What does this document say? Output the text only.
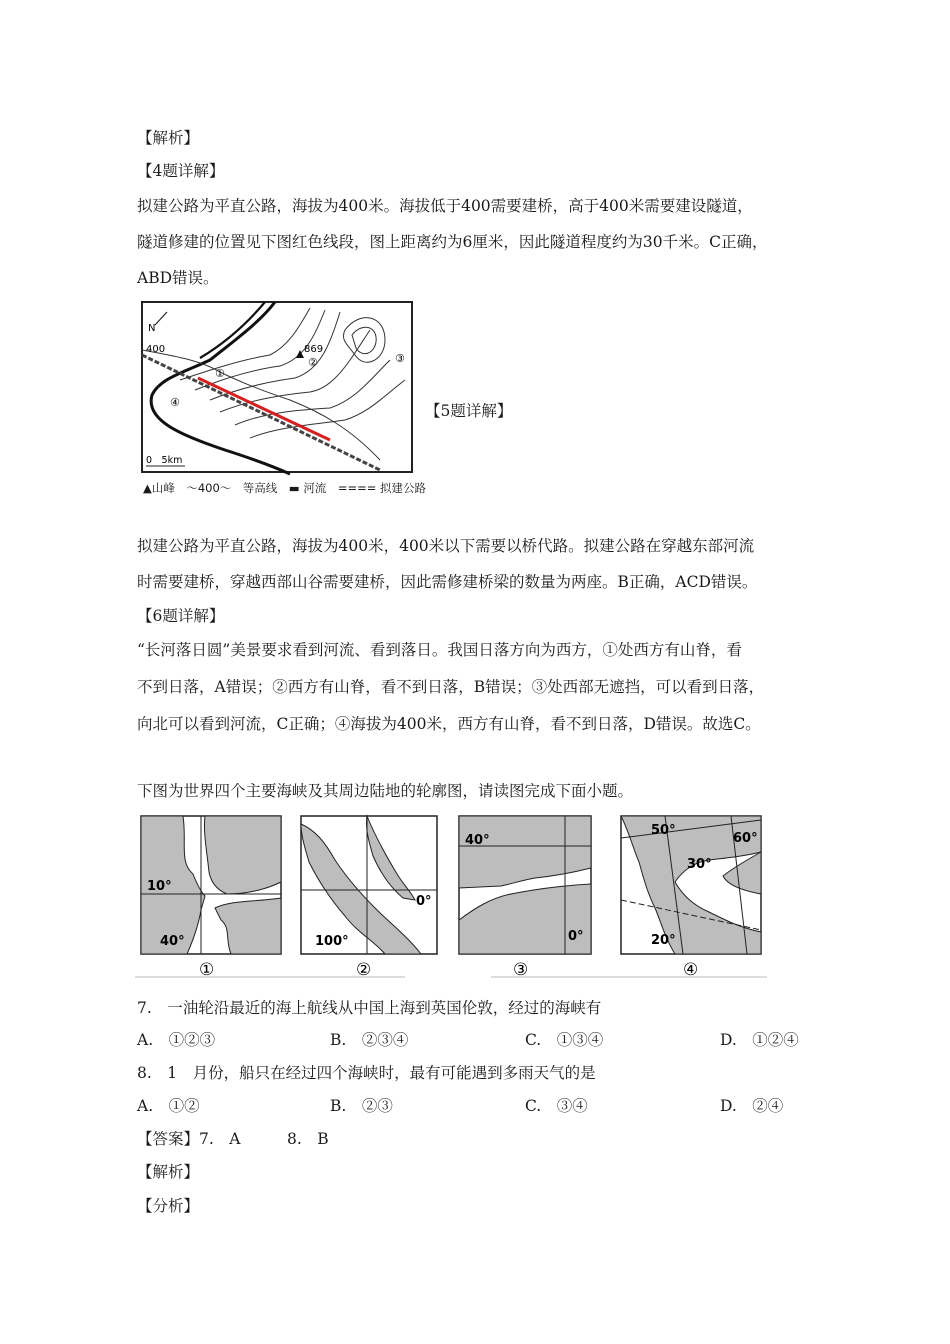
【解析】
【4题详解】
拟建公路为平直公路，海拔为400米。海拔低于400需要建桥，高于400米需要建设隧道，
隧道修建的位置见下图红色线段，图上距离约为6厘米，因此隧道程度约为30千米。C正确，
ABD错误。
N
400	869
①
②	③
④
0　5km
▲山峰　～400～　等高线　▬ 河流　==== 拟建公路
【5题详解】
拟建公路为平直公路，海拔为400米，400米以下需要以桥代路。拟建公路在穿越东部河流
时需要建桥，穿越西部山谷需要建桥，因此需修建桥梁的数量为两座。B正确，ACD错误。
【6题详解】
“长河落日圆”美景要求看到河流、看到落日。我国日落方向为西方，①处西方有山脊，看
不到日落，A错误；②西方有山脊，看不到日落，B错误；③处西部无遮挡，可以看到日落，
向北可以看到河流，C正确；④海拔为400米，西方有山脊，看不到日落，D错误。故选C。
下图为世界四个主要海峡及其周边陆地的轮廓图，请读图完成下面小题。
10°
40°
①
0°
100°
②
40°
0°
③
50°
60°
30°
20°
④
7.　一油轮沿最近的海上航线从中国上海到英国伦敦，经过的海峡有
A.　①②③	B.　②③④	C.　①③④	D.　①②④
8.　1　月份，船只在经过四个海峡时，最有可能遇到多雨天气的是
A.　①②	B.　②③	C.　③④	D.　②④
【答案】7.　A　　　8.　B
【解析】
【分析】
